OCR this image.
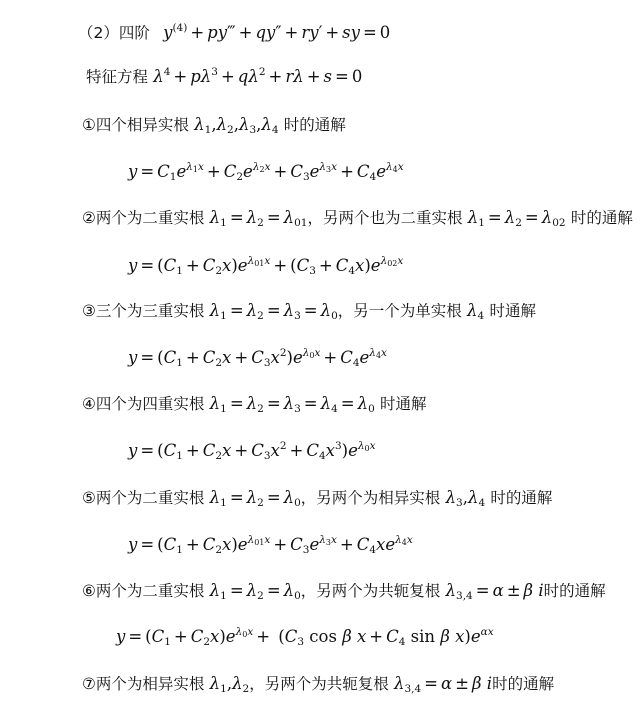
（2）四阶 $y^{(4)}$ + py‴ + qy″ + ry′ + sy = 0
特征方程 $\lambda^4 + p\lambda^3 + q\lambda^2 + r\lambda + s = 0$
①四个相异实根 $\lambda_1,\lambda_2,\lambda_3,\lambda_4$ 时的通解
$y = C_1e^{\lambda_1x} + C_2e^{\lambda_2x} + C_3e^{\lambda_3x} + C_4e^{\lambda_4x}$
②两个为二重实根 $\lambda_1 = \lambda_2 = \lambda_{01}$，另两个也为二重实根 $\lambda_1 = \lambda_2 = \lambda_{02}$ 时的通解
$y = (C_1 + C_2x)e^{\lambda_{01}x} + (C_3 + C_4x)e^{\lambda_{02}x}$
③三个为三重实根 $\lambda_1 = \lambda_2 = \lambda_3 = \lambda_0$，另一个为单实根 $\lambda_4$ 时通解
$y = (C_1 + C_2x + C_3x^2)e^{\lambda_0x} + C_4e^{\lambda_4x}$
④四个为四重实根 $\lambda_1 = \lambda_2 = \lambda_3 = \lambda_4 = \lambda_0$ 时通解
$y = (C_1 + C_2x + C_3x^2 + C_4x^3)e^{\lambda_0x}$
⑤两个为二重实根 $\lambda_1 = \lambda_2 = \lambda_0$，另两个为相异实根 $\lambda_3,\lambda_4$ 时的通解
$y = (C_1 + C_2x)e^{\lambda_{01}x} + C_3e^{\lambda_3x} + C_4xe^{\lambda_4x}$
⑥两个为二重实根 $\lambda_1 = \lambda_2 = \lambda_0$，另两个为共轭复根 $\lambda_{3,4} = \alpha \pm \beta$ i时的通解
$y = (C_1 + C_2x)e^{\lambda_0x} + (C_3$ cos β $x + C_4$ sin β $x)e^{\alpha x}$
⑦两个为相异实根 $\lambda_1,\lambda_2$，另两个为共轭复根 $\lambda_{3,4} = \alpha \pm \beta$ i时的通解
